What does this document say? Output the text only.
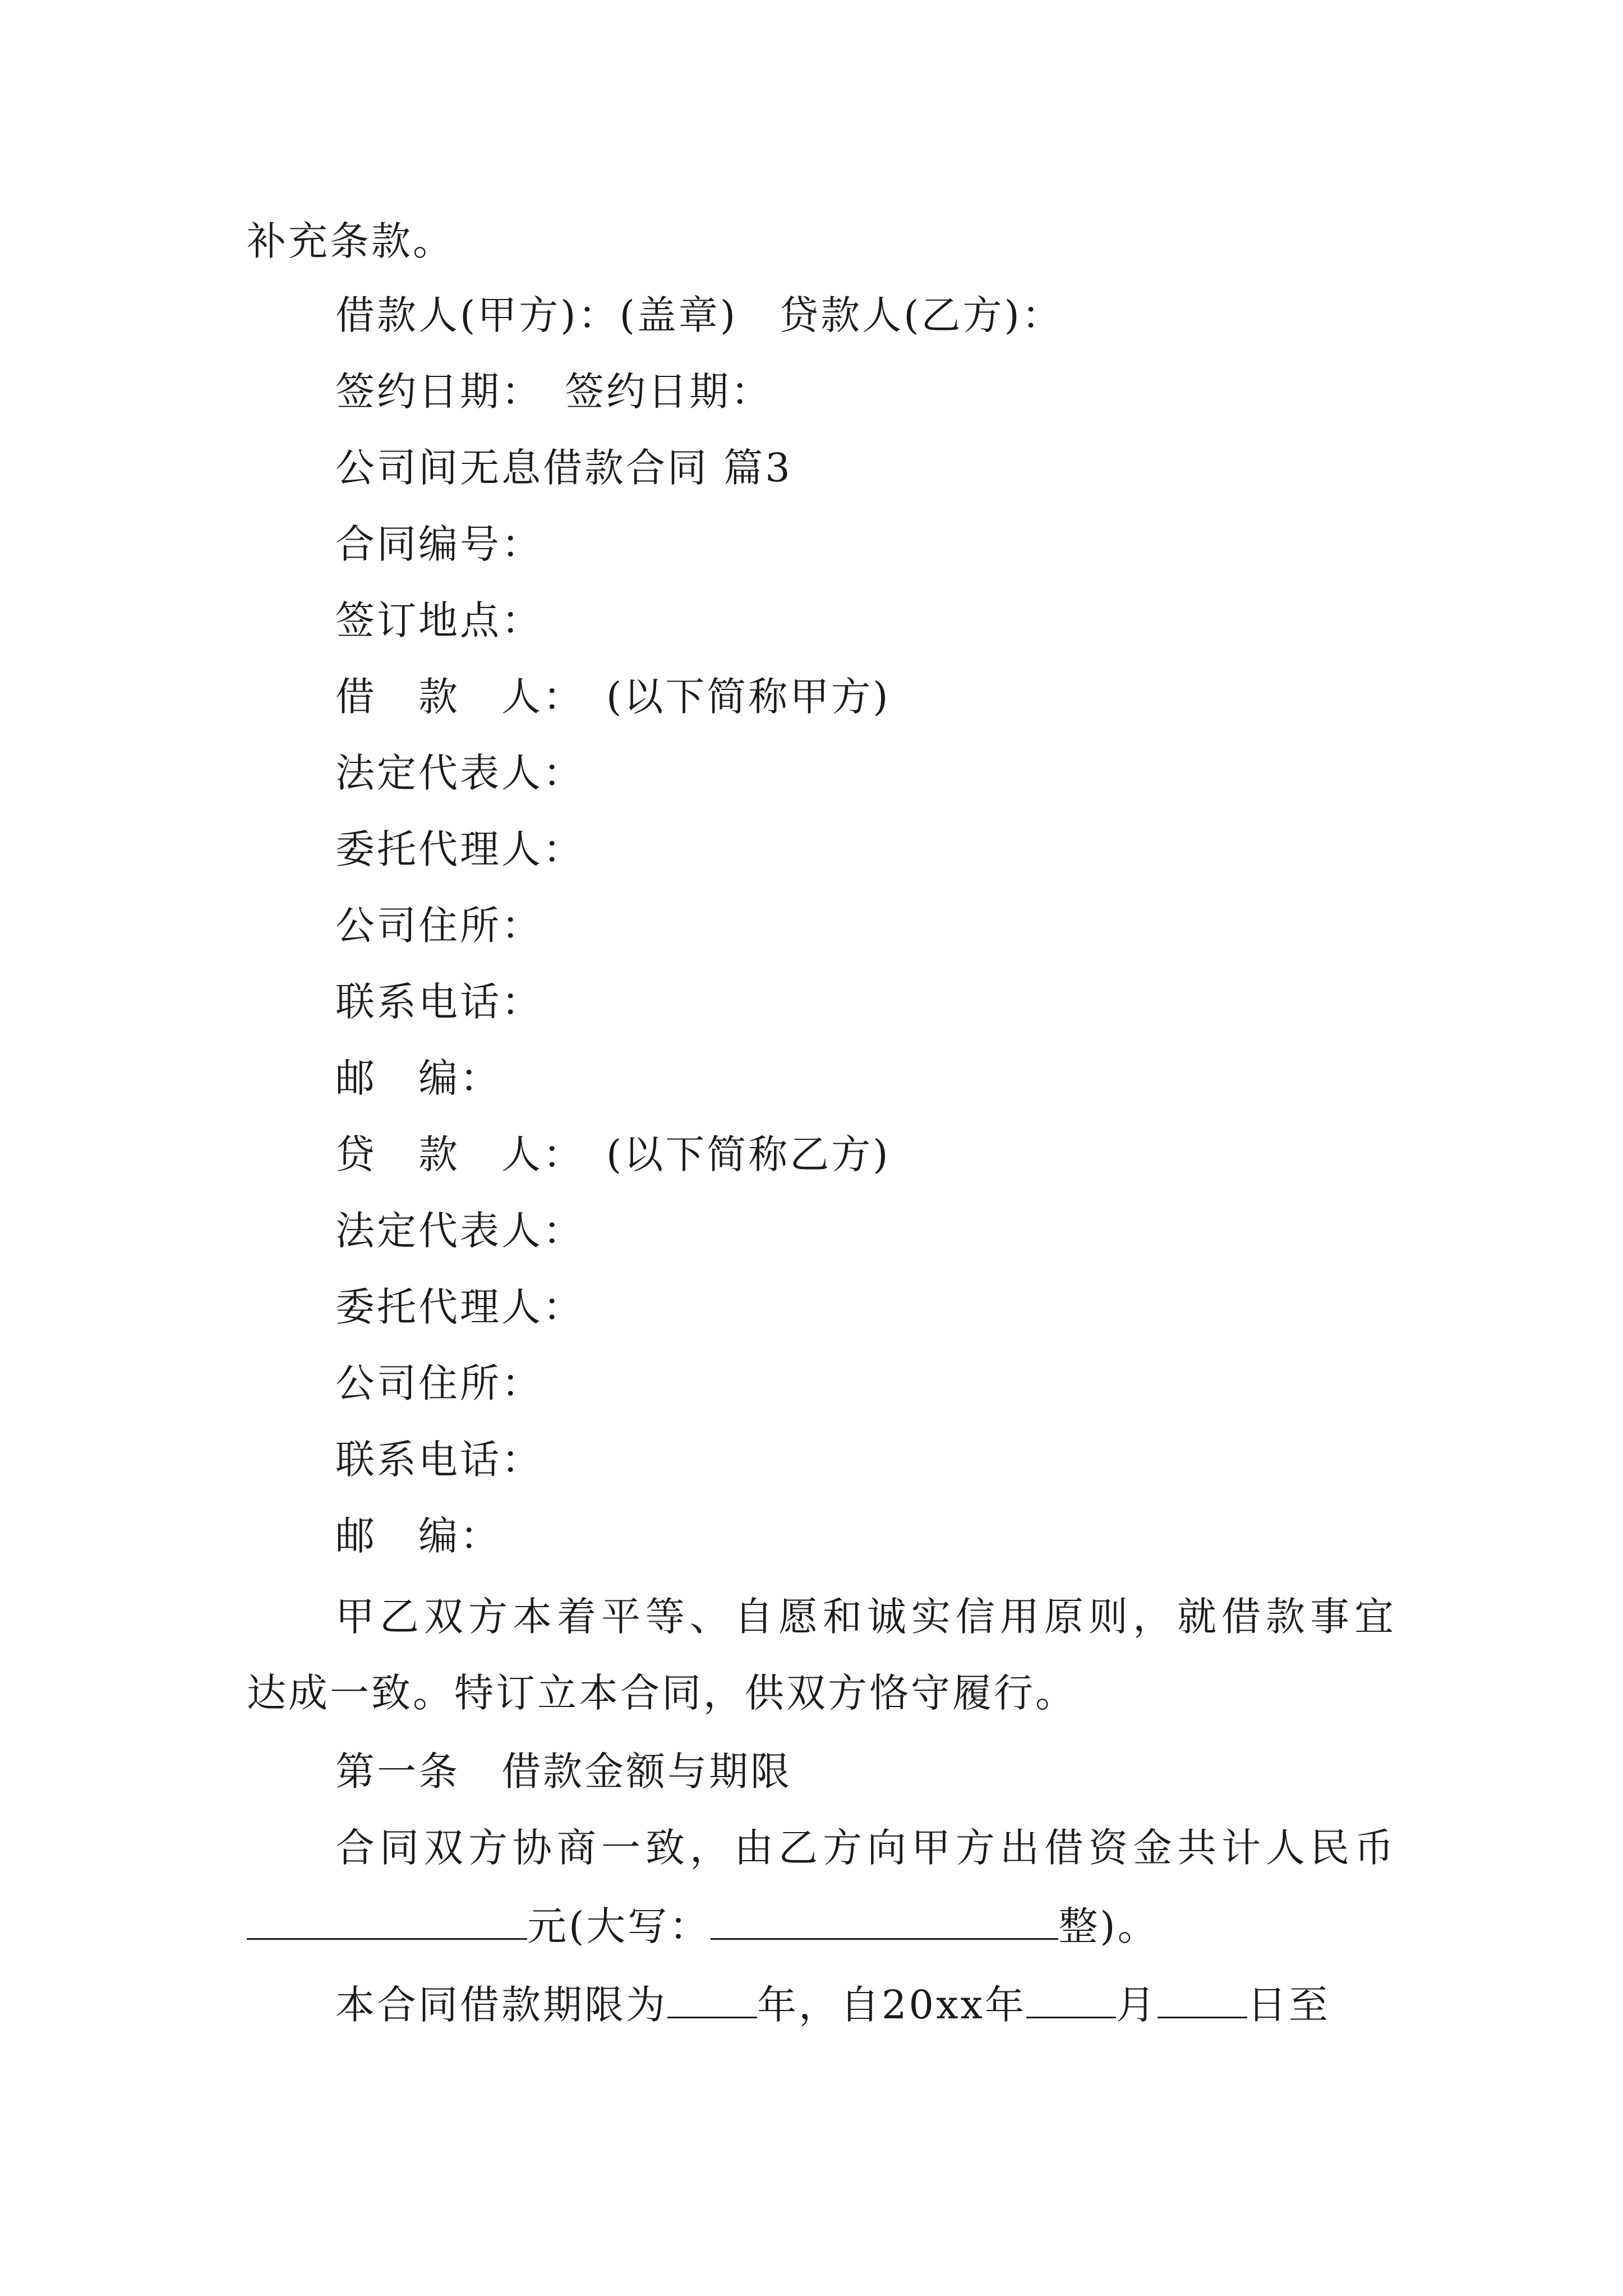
补充条款。
借款人(甲方)：(盖章)　贷款人(乙方)：
签约日期：　签约日期：
公司间无息借款合同 篇3
合同编号：
签订地点：
借　款　人：　(以下简称甲方)
法定代表人：
委托代理人：
公司住所：
联系电话：
邮　编：
贷　款　人：　(以下简称乙方)
法定代表人：
委托代理人：
公司住所：
联系电话：
邮　编：
甲乙双方本着平等、自愿和诚实信用原则，就借款事宜
达成一致。特订立本合同，供双方恪守履行。
第一条　借款金额与期限
合同双方协商一致，由乙方向甲方出借资金共计人民币
元(大写：	整)。
本合同借款期限为 年，自20xx年 月 日至
